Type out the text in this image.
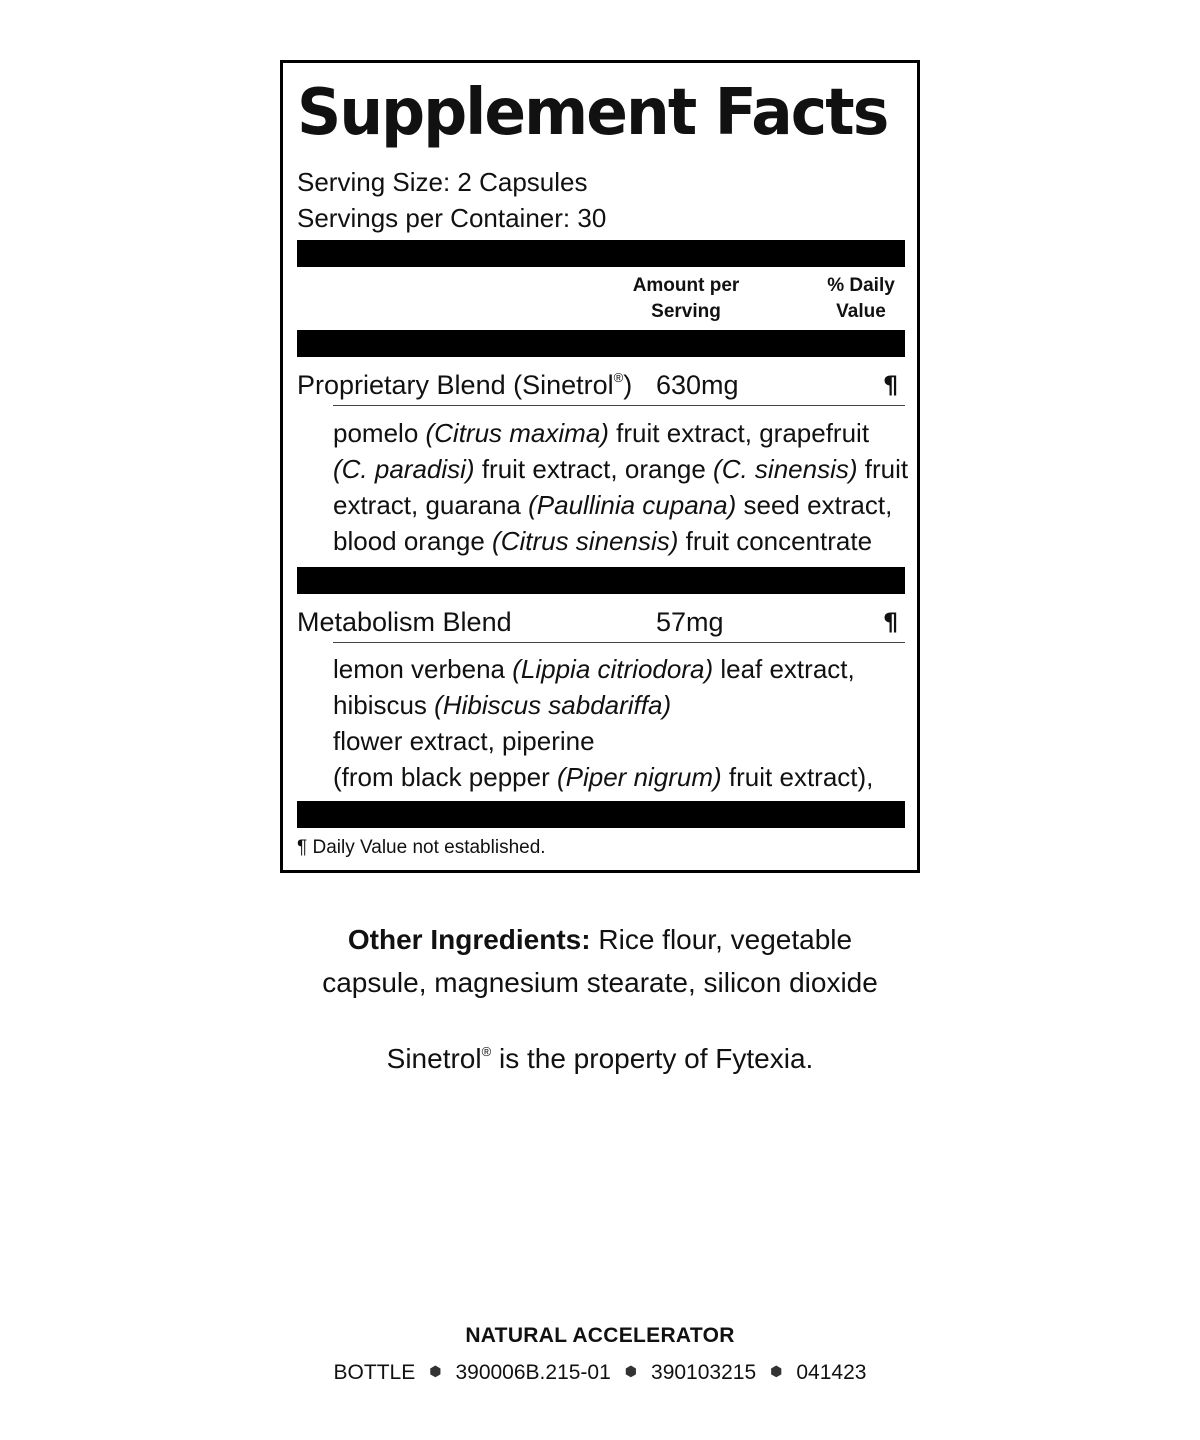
Supplement Facts
Serving Size: 2 Capsules
Servings per Container: 30
Amount per
Serving
% Daily
Value
Proprietary Blend (Sinetrol®) 630mg	¶
pomelo (Citrus maxima) fruit extract, grapefruit
(C. paradisi) fruit extract, orange (C. sinensis) fruit
extract, guarana (Paullinia cupana) seed extract,
blood orange (Citrus sinensis) fruit concentrate
Metabolism Blend	57mg	¶
lemon verbena (Lippia citriodora) leaf extract,
hibiscus (Hibiscus sabdariffa) flower extract, piperine
(from black pepper (Piper nigrum) fruit extract),
¶ Daily Value not established.
Other Ingredients: Rice flour, vegetable
capsule, magnesium stearate, silicon dioxide
Sinetrol® is the property of Fytexia.
NATURAL ACCELERATOR
BOTTLE ⬢ 390006B.215-01 ⬢ 390103215 ⬢ 041423
